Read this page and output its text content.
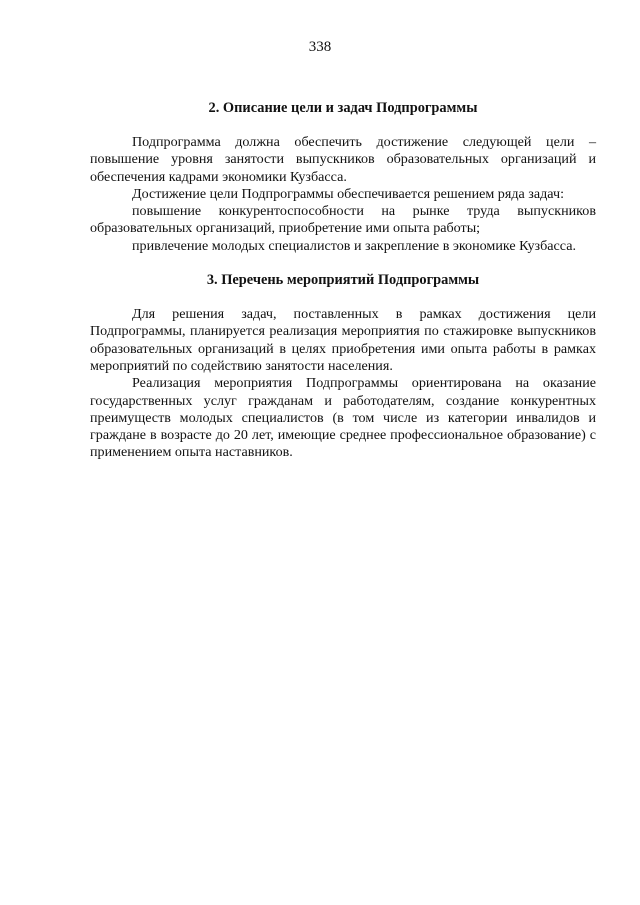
338
2. Описание цели и задач Подпрограммы

Подпрограмма должна обеспечить достижение следующей цели – повышение уровня занятости выпускников образовательных организаций и обеспечения кадрами экономики Кузбасса.

Достижение цели Подпрограммы обеспечивается решением ряда задач:

повышение конкурентоспособности на рынке труда выпускников образовательных организаций, приобретение ими опыта работы;

привлечение молодых специалистов и закрепление в экономике Кузбасса.

3. Перечень мероприятий Подпрограммы

Для решения задач, поставленных в рамках достижения цели Подпрограммы, планируется реализация мероприятия по стажировке выпускников образовательных организаций в целях приобретения ими опыта работы в рамках мероприятий по содействию занятости населения.

Реализация мероприятия Подпрограммы ориентирована на оказание государственных услуг гражданам и работодателям, создание конкурентных преимуществ молодых специалистов (в том числе из категории инвалидов и граждане в возрасте до 20 лет, имеющие среднее профессиональное образование) с применением опыта наставников.
